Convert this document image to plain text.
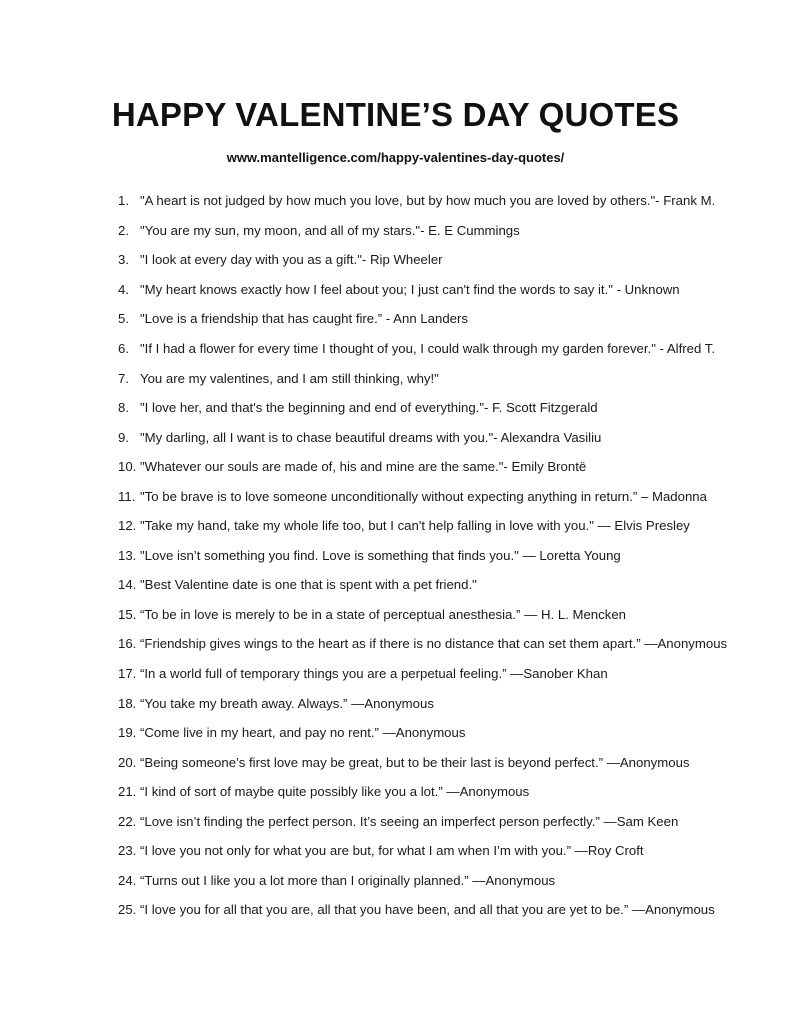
HAPPY VALENTINE’S DAY QUOTES
www.mantelligence.com/happy-valentines-day-quotes/
1. "A heart is not judged by how much you love, but by how much you are loved by others."- Frank M.
2. "You are my sun, my moon, and all of my stars."- E. E Cummings
3. "I look at every day with you as a gift."- Rip Wheeler
4. "My heart knows exactly how I feel about you; I just can't find the words to say it." - Unknown
5. "Love is a friendship that has caught fire.” - Ann Landers
6. "If I had a flower for every time I thought of you, I could walk through my garden forever." - Alfred T.
7. You are my valentines, and I am still thinking, why!"
8. "I love her, and that's the beginning and end of everything."- F. Scott Fitzgerald
9. "My darling, all I want is to chase beautiful dreams with you."- Alexandra Vasiliu
10. "Whatever our souls are made of, his and mine are the same."- Emily Brontë
11. "To be brave is to love someone unconditionally without expecting anything in return.” – Madonna
12. "Take my hand, take my whole life too, but I can't help falling in love with you." — Elvis Presley
13. "Love isn’t something you find. Love is something that finds you." — Loretta Young
14. "Best Valentine date is one that is spent with a pet friend."
15. “To be in love is merely to be in a state of perceptual anesthesia.” — H. L. Mencken
16. “Friendship gives wings to the heart as if there is no distance that can set them apart.” —Anonymous
17. “In a world full of temporary things you are a perpetual feeling.” —Sanober Khan
18. “You take my breath away. Always.” —Anonymous
19. “Come live in my heart, and pay no rent.” —Anonymous
20. “Being someone’s first love may be great, but to be their last is beyond perfect.” —Anonymous
21. “I kind of sort of maybe quite possibly like you a lot.” —Anonymous
22. “Love isn’t finding the perfect person. It’s seeing an imperfect person perfectly.” —Sam Keen
23. “I love you not only for what you are but, for what I am when I’m with you.” —Roy Croft
24. “Turns out I like you a lot more than I originally planned.” —Anonymous
25. “I love you for all that you are, all that you have been, and all that you are yet to be.” —Anonymous
